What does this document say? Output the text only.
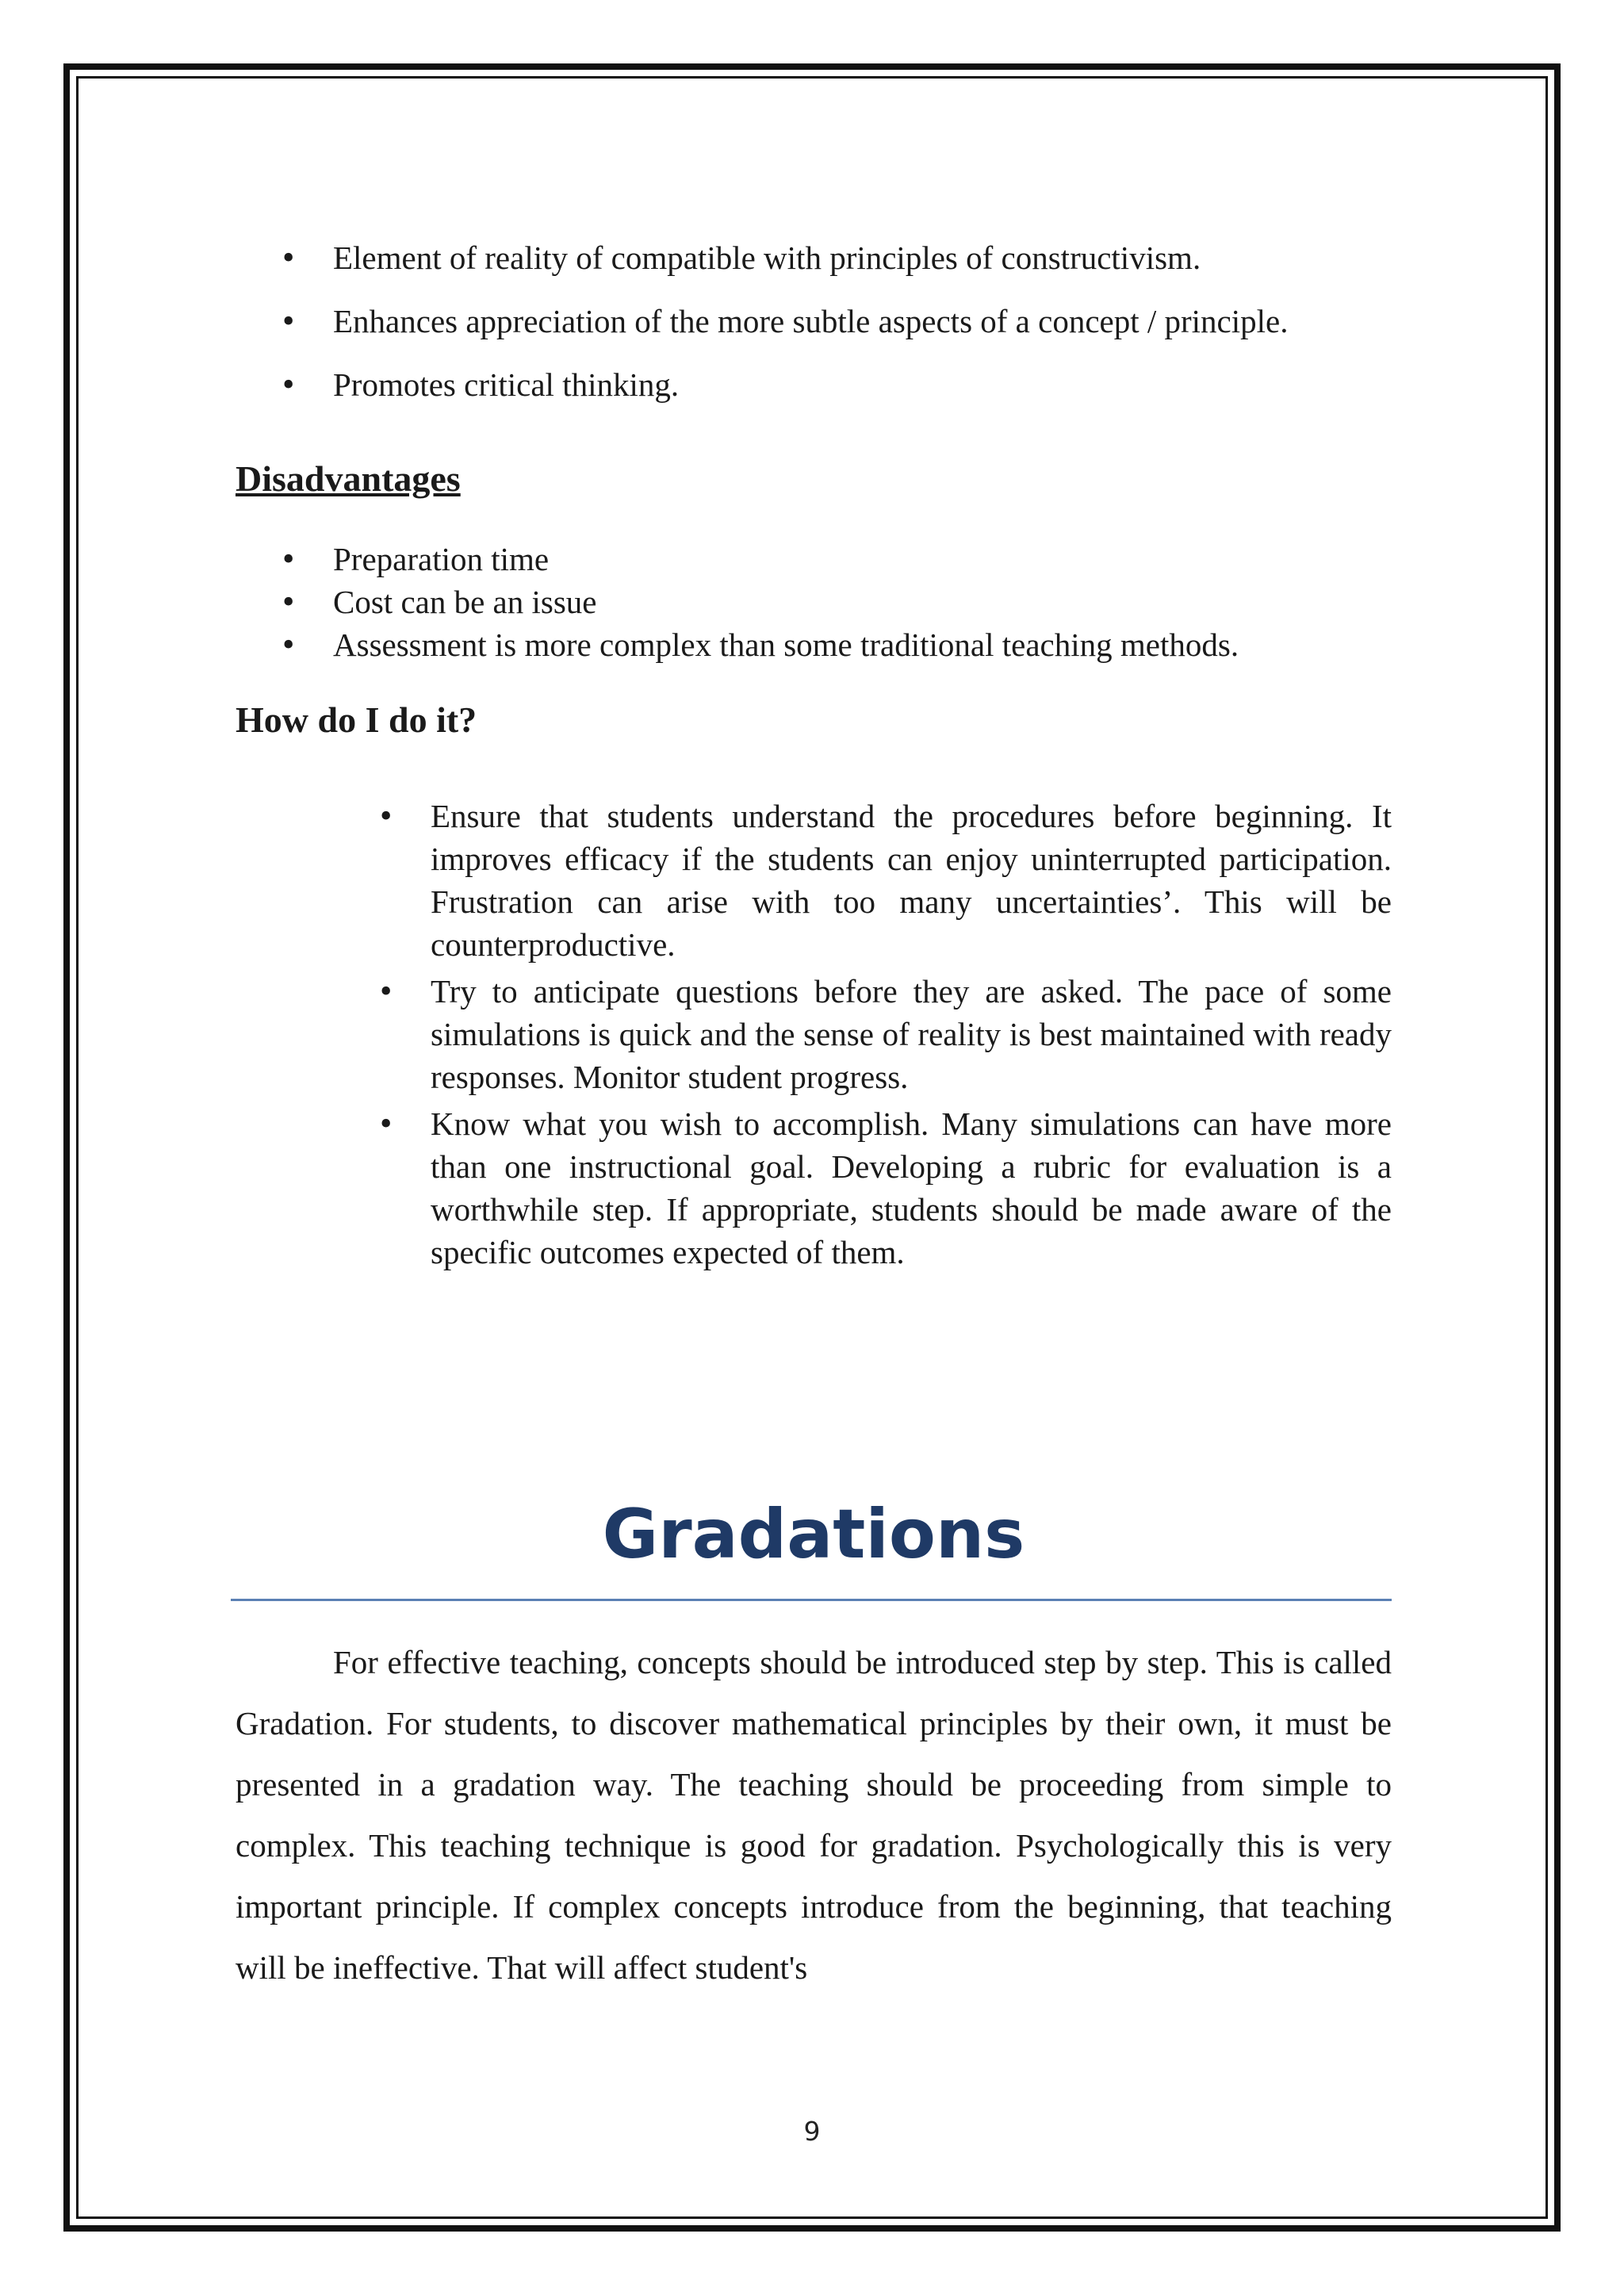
• Element of reality of compatible with principles of constructivism.
• Enhances appreciation of the more subtle aspects of a concept / principle.
• Promotes critical thinking.
Disadvantages
• Preparation time
• Cost can be an issue
• Assessment is more complex than some traditional teaching methods.
How do I do it?
• Ensure that students understand the procedures before beginning. It improves efficacy if the students can enjoy uninterrupted participation. Frustration can arise with too many uncertainties’. This will be counterproductive.
• Try to anticipate questions before they are asked. The pace of some simulations is quick and the sense of reality is best maintained with ready responses. Monitor student progress.
• Know what you wish to accomplish. Many simulations can have more than one instructional goal. Developing a rubric for evaluation is a worthwhile step. If appropriate, students should be made aware of the specific outcomes expected of them.
Gradations

For effective teaching, concepts should be introduced step by step. This is called Gradation. For students, to discover mathematical principles by their own, it must be presented in a gradation way. The teaching should be proceeding from simple to complex. This teaching technique is good for gradation. Psychologically this is very important principle. If complex concepts introduce from the beginning, that teaching will be ineffective. That will affect student's

9
